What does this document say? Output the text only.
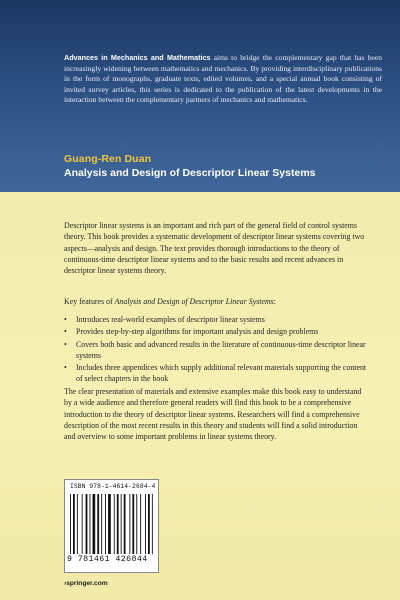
Advances in Mechanics and Mathematics aims to bridge the complementary gap that has been increasingly widening between mathematics and mechanics. By providing interdisciplinary publications in the form of monographs, graduate texts, edited volumes, and a special annual book consisting of invited survey articles, this series is dedicated to the publication of the latest developments in the interaction between the complementary partners of mechanics and mathematics.
Guang-Ren Duan
Analysis and Design of Descriptor Linear Systems
Descriptor linear systems is an important and rich part of the general field of control systems theory. This book provides a systematic development of descriptor linear systems covering two aspects—analysis and design. The text provides thorough introductions to the theory of continuous-time descriptor linear systems and to the basic results and recent advances in descriptor linear systems theory.
Key features of Analysis and Design of Descriptor Linear Systems:
•	Introduces real-world examples of descriptor linear systems
•	Provides step-by-step algorithms for important analysis and design problems
•	Covers both basic and advanced results in the literature of continuous-time descriptor linear systems
•	Includes three appendices which supply additional relevant materials supporting the content of select chapters in the book
The clear presentation of materials and extensive examples make this book easy to understand by a wide audience and therefore general readers will find this book to be a comprehensive introduction to the theory of descriptor linear systems. Researchers will find a comprehensive description of the most recent results in this theory and students will find a solid introduction and overview to some important problems in linear systems theory.
ISBN 978-1-4614-2684-4
9 781461 426844
›springer.com
